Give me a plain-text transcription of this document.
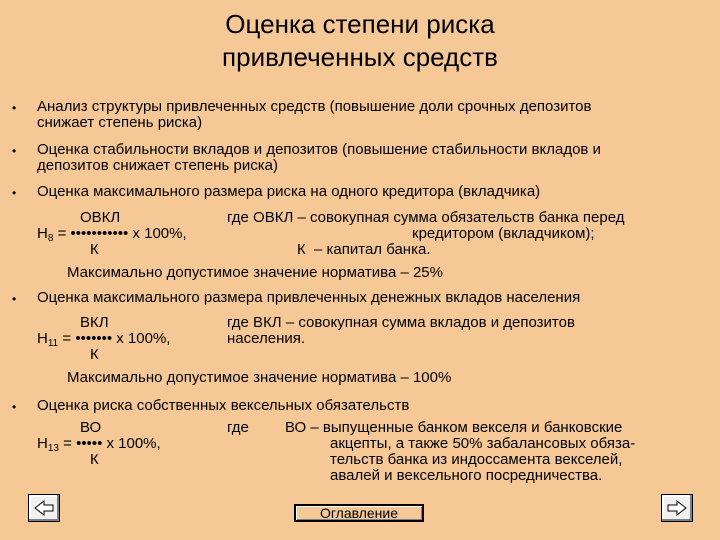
Оценка степени риска
привлеченных средств
• Анализ структуры привлеченных средств (повышение доли срочных депозитов
снижает степень риска)
• Оценка стабильности вкладов и депозитов (повышение стабильности вкладов и
депозитов снижает степень риска)
• Оценка максимального размера риска на одного кредитора (вкладчика)
ОВКЛ	где ОВКЛ – совокупная сумма обязательств банка перед
$Н_8$ = ••••••••••• х 100%,	кредитором (вкладчиком);
К	К – капитал банка.
Максимально допустимое значение норматива – 25%
• Оценка максимального размера привлеченных денежных вкладов населения
ВКЛ	где ВКЛ – совокупная сумма вкладов и депозитов
$Н_{11}$ = ••••••• х 100%,	населения.
К
Максимально допустимое значение норматива – 100%
• Оценка риска собственных вексельных обязательств
ВО	где ВО – выпущенные банком векселя и банковские
$Н_{13}$ = ••••• х 100%,	акцепты, а также 50% забалансовых обяза-
К	тельств банка из индоссамента векселей,
авалей и вексельного посредничества.
Оглавление
